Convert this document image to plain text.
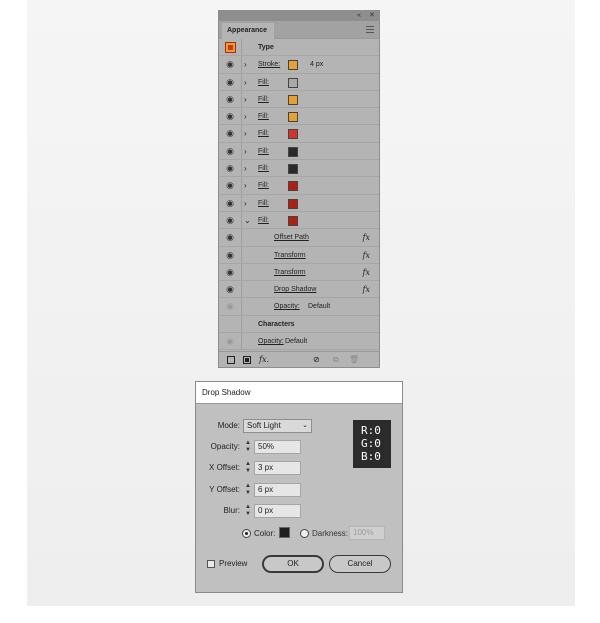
« ✕
Appearance
Type
◉	› Stroke:	4 px
◉	› Fill:
◉	› Fill:
◉	› Fill:
◉	› Fill:
◉	› Fill:
◉	› Fill:
◉	› Fill:
◉	› Fill:
◉	⌄ Fill:
◉	Offset Path	fx
◉	Transform	fx
◉	Transform	fx
◉	Drop Shadow	fx
◉	Opacity: Default
Characters
◉	Opacity: Default
fx.	⊘ ⧉ 🗑︎
Drop Shadow
Mode: Soft Light	⌄
Opacity: ▲
▼ 50%
X Offset: ▲
▼ 3 px
Y Offset: ▲
▼ 6 px
Blur: ▲
▼ 0 px
R:0
G:0
B:0
Color:	Darkness: 100%
Preview	OK	Cancel
